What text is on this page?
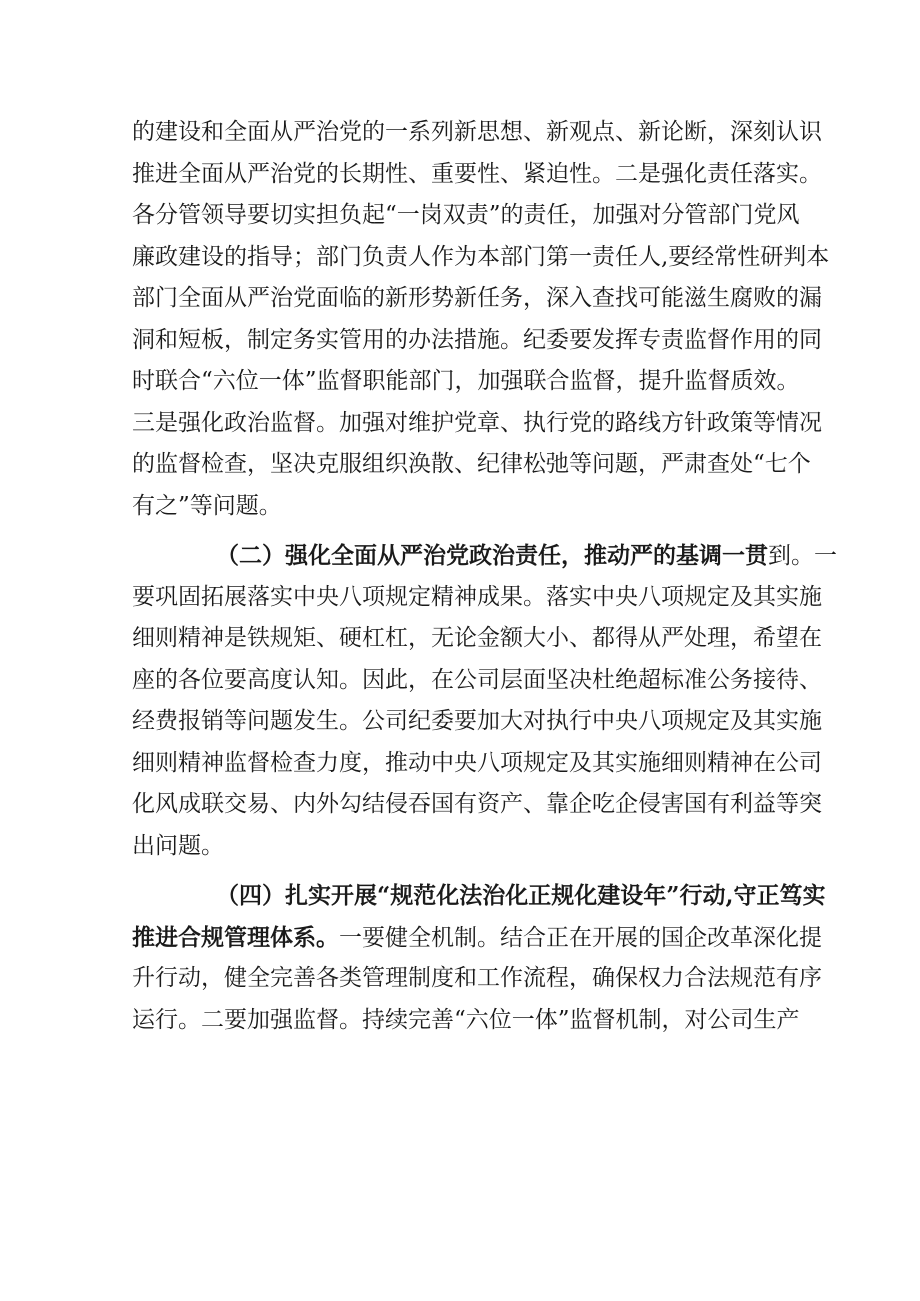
的建设和全面从严治党的一系列新思想、新观点、新论断，深刻认识
推进全面从严治党的长期性、重要性、紧迫性。二是强化责任落实。
各分管领导要切实担负起“一岗双责”的责任，加强对分管部门党风
廉政建设的指导；部门负责人作为本部门第一责任人,要经常性研判本
部门全面从严治党面临的新形势新任务，深入查找可能滋生腐败的漏
洞和短板，制定务实管用的办法措施。纪委要发挥专责监督作用的同
时联合“六位一体”监督职能部门，加强联合监督，提升监督质效。
三是强化政治监督。加强对维护党章、执行党的路线方针政策等情况
的监督检查，坚决克服组织涣散、纪律松弛等问题，严肃查处“七个
有之”等问题。
（二）强化全面从严治党政治责任，推动严的基调一贯到。一
要巩固拓展落实中央八项规定精神成果。落实中央八项规定及其实施
细则精神是铁规矩、硬杠杠，无论金额大小、都得从严处理，希望在
座的各位要高度认知。因此，在公司层面坚决杜绝超标准公务接待、
经费报销等问题发生。公司纪委要加大对执行中央八项规定及其实施
细则精神监督检查力度，推动中央八项规定及其实施细则精神在公司
化风成联交易、内外勾结侵吞国有资产、靠企吃企侵害国有利益等突
出问题。
（四）扎实开展“规范化法治化正规化建设年”行动,守正笃实
推进合规管理体系。一要健全机制。结合正在开展的国企改革深化提
升行动，健全完善各类管理制度和工作流程，确保权力合法规范有序
运行。二要加强监督。持续完善“六位一体”监督机制，对公司生产
